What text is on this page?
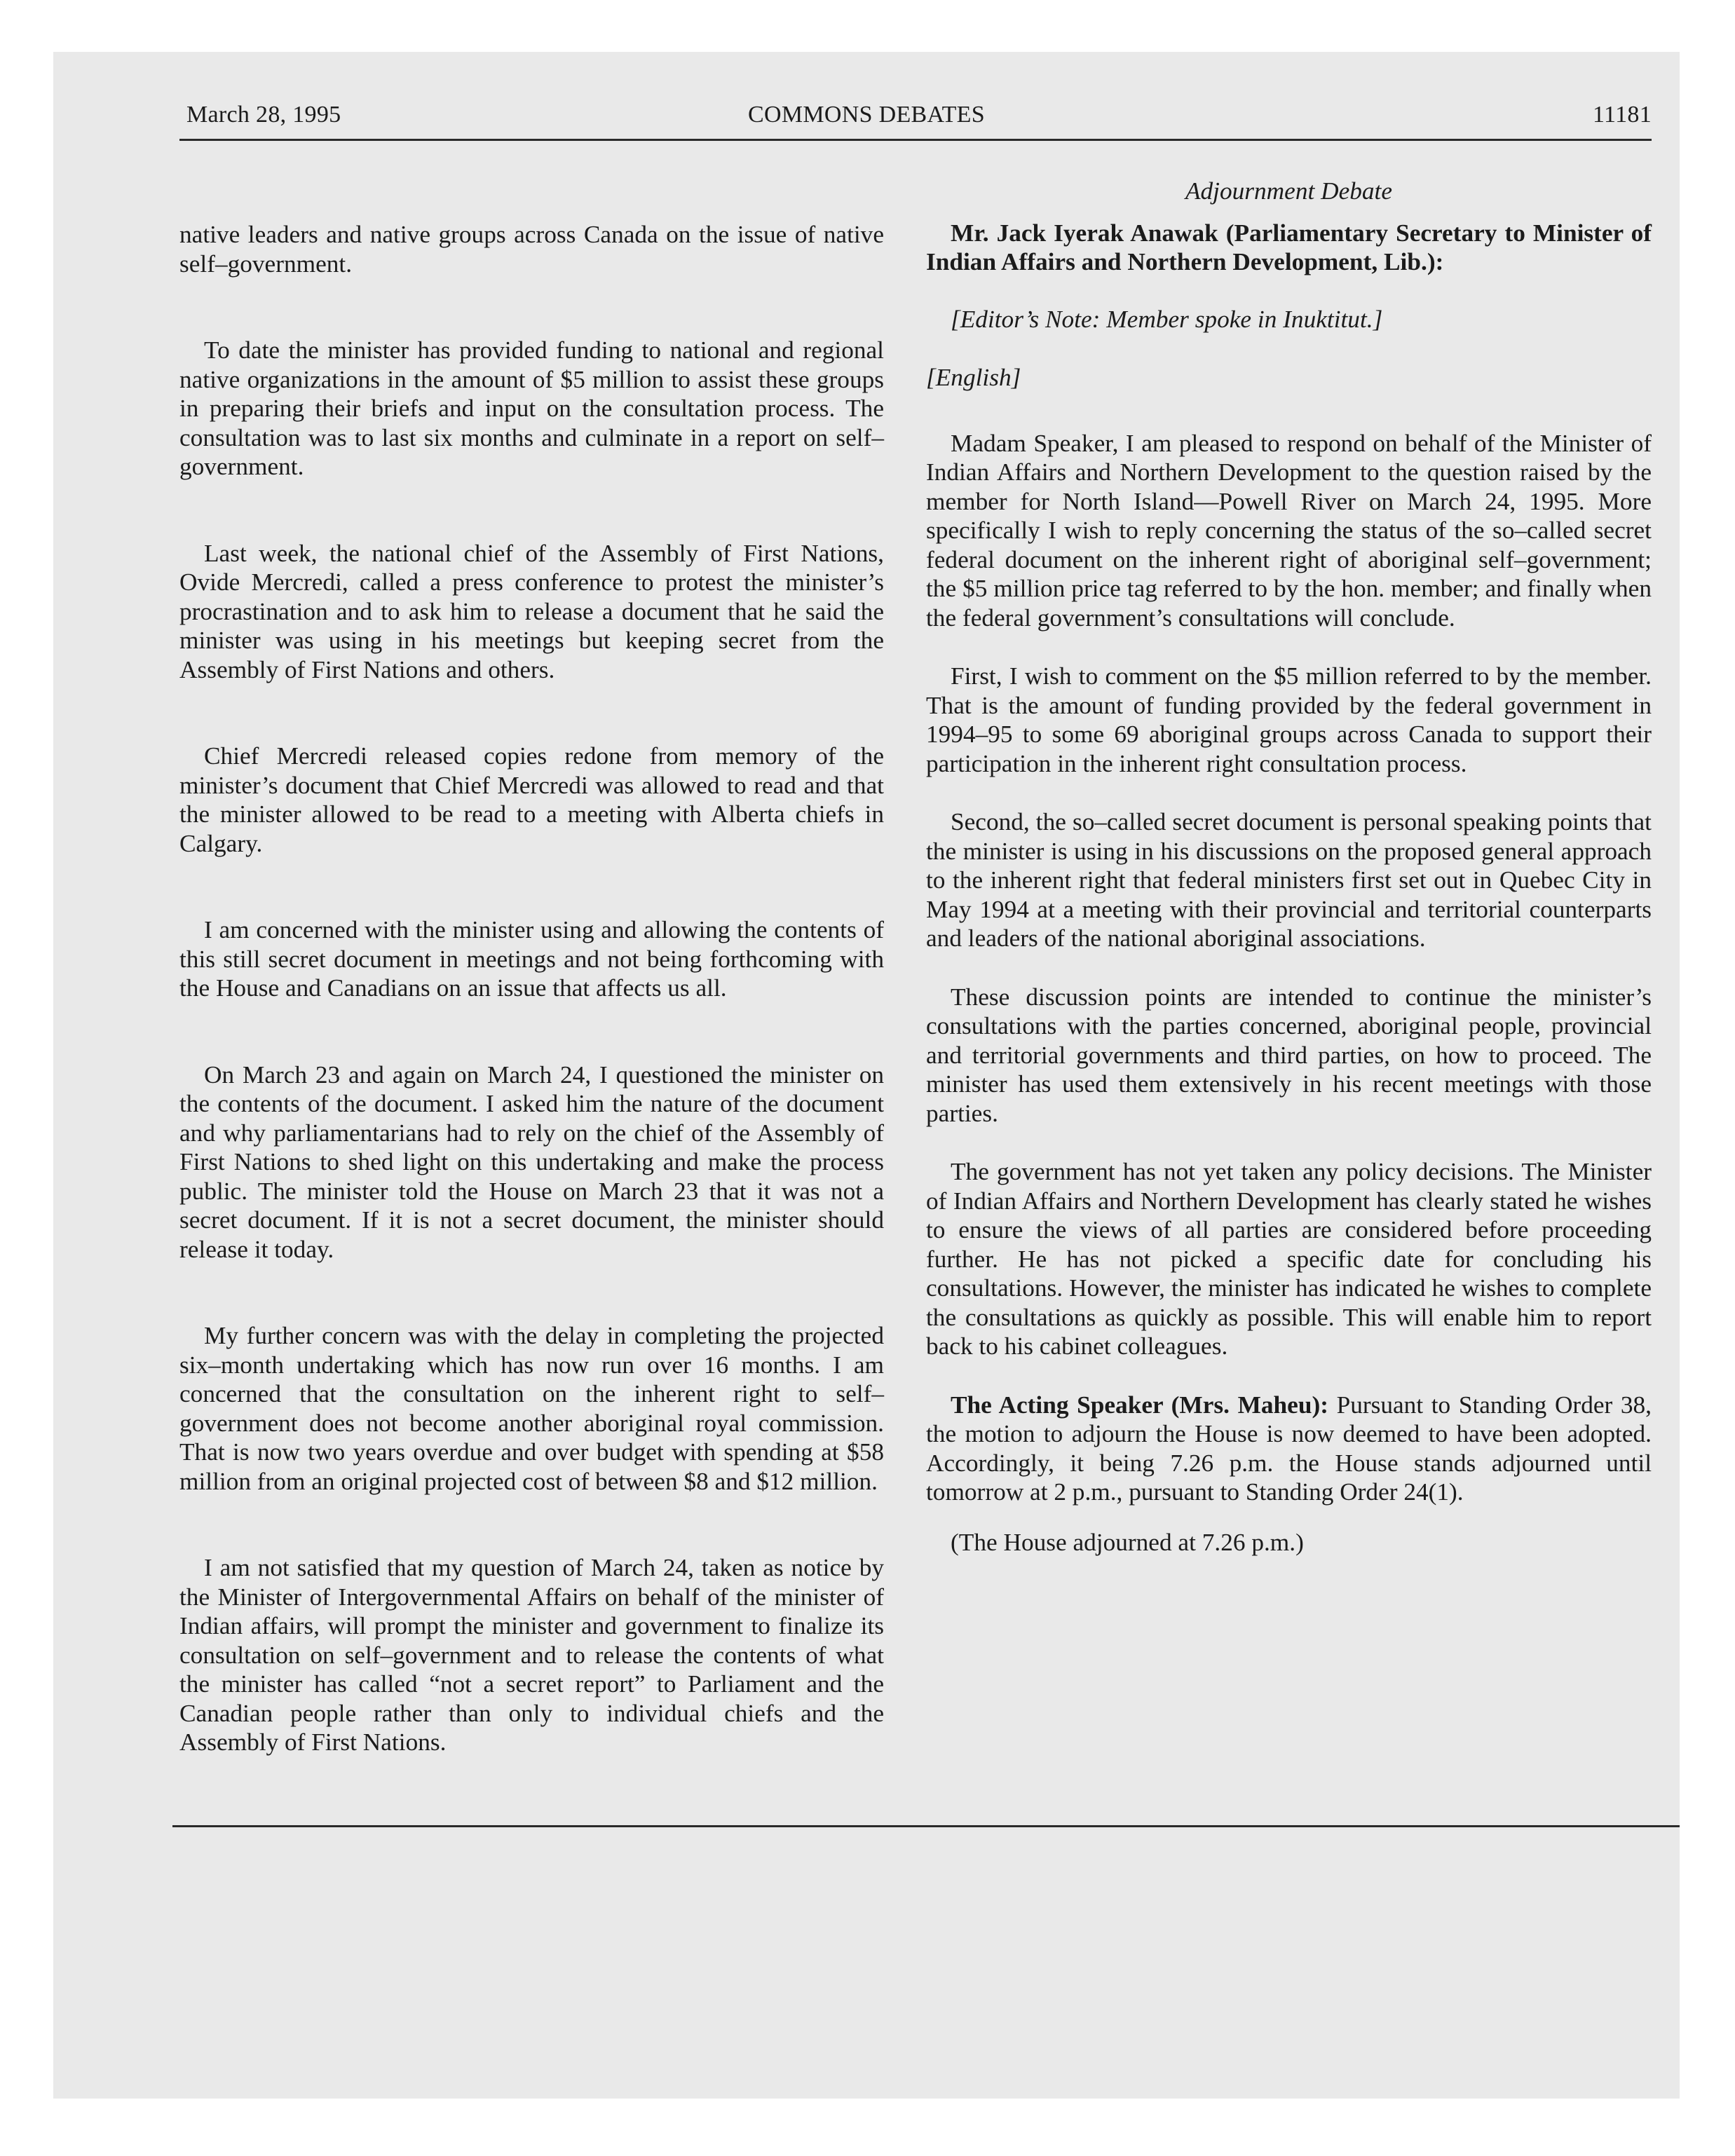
March 28, 1995	COMMONS DEBATES	11181

native leaders and native groups across Canada on the issue of native self–government.

To date the minister has provided funding to national and regional native organizations in the amount of $5 million to assist these groups in preparing their briefs and input on the consultation process. The consultation was to last six months and culminate in a report on self–government.

Last week, the national chief of the Assembly of First Nations, Ovide Mercredi, called a press conference to protest the minister’s procrastination and to ask him to release a document that he said the minister was using in his meetings but keeping secret from the Assembly of First Nations and others.

Chief Mercredi released copies redone from memory of the minister’s document that Chief Mercredi was allowed to read and that the minister allowed to be read to a meeting with Alberta chiefs in Calgary.

I am concerned with the minister using and allowing the contents of this still secret document in meetings and not being forthcoming with the House and Canadians on an issue that affects us all.

On March 23 and again on March 24, I questioned the minister on the contents of the document. I asked him the nature of the document and why parliamentarians had to rely on the chief of the Assembly of First Nations to shed light on this undertaking and make the process public. The minister told the House on March 23 that it was not a secret document. If it is not a secret document, the minister should release it today.

My further concern was with the delay in completing the projected six–month undertaking which has now run over 16 months. I am concerned that the consultation on the inherent right to self–government does not become another aboriginal royal commission. That is now two years overdue and over budget with spending at $58 million from an original projected cost of between $8 and $12 million.

I am not satisfied that my question of March 24, taken as notice by the Minister of Intergovernmental Affairs on behalf of the minister of Indian affairs, will prompt the minister and government to finalize its consultation on self–government and to release the contents of what the minister has called “not a secret report” to Parliament and the Canadian people rather than only to individual chiefs and the Assembly of First Nations.

Adjournment Debate

Mr. Jack Iyerak Anawak (Parliamentary Secretary to Minister of Indian Affairs and Northern Development, Lib.):

[Editor’s Note: Member spoke in Inuktitut.]

[English]

Madam Speaker, I am pleased to respond on behalf of the Minister of Indian Affairs and Northern Development to the question raised by the member for North Island—Powell River on March 24, 1995. More specifically I wish to reply concerning the status of the so–called secret federal document on the inherent right of aboriginal self–government; the $5 million price tag referred to by the hon. member; and finally when the federal government’s consultations will conclude.

First, I wish to comment on the $5 million referred to by the member. That is the amount of funding provided by the federal government in 1994–95 to some 69 aboriginal groups across Canada to support their participation in the inherent right consultation process.

Second, the so–called secret document is personal speaking points that the minister is using in his discussions on the proposed general approach to the inherent right that federal ministers first set out in Quebec City in May 1994 at a meeting with their provincial and territorial counterparts and leaders of the national aboriginal associations.

These discussion points are intended to continue the minister’s consultations with the parties concerned, aboriginal people, provincial and territorial governments and third parties, on how to proceed. The minister has used them extensively in his recent meetings with those parties.

The government has not yet taken any policy decisions. The Minister of Indian Affairs and Northern Development has clearly stated he wishes to ensure the views of all parties are considered before proceeding further. He has not picked a specific date for concluding his consultations. However, the minister has indicated he wishes to complete the consultations as quickly as possible. This will enable him to report back to his cabinet colleagues.

The Acting Speaker (Mrs. Maheu): Pursuant to Standing Order 38, the motion to adjourn the House is now deemed to have been adopted. Accordingly, it being 7.26 p.m. the House stands adjourned until tomorrow at 2 p.m., pursuant to Standing Order 24(1).

(The House adjourned at 7.26 p.m.)
